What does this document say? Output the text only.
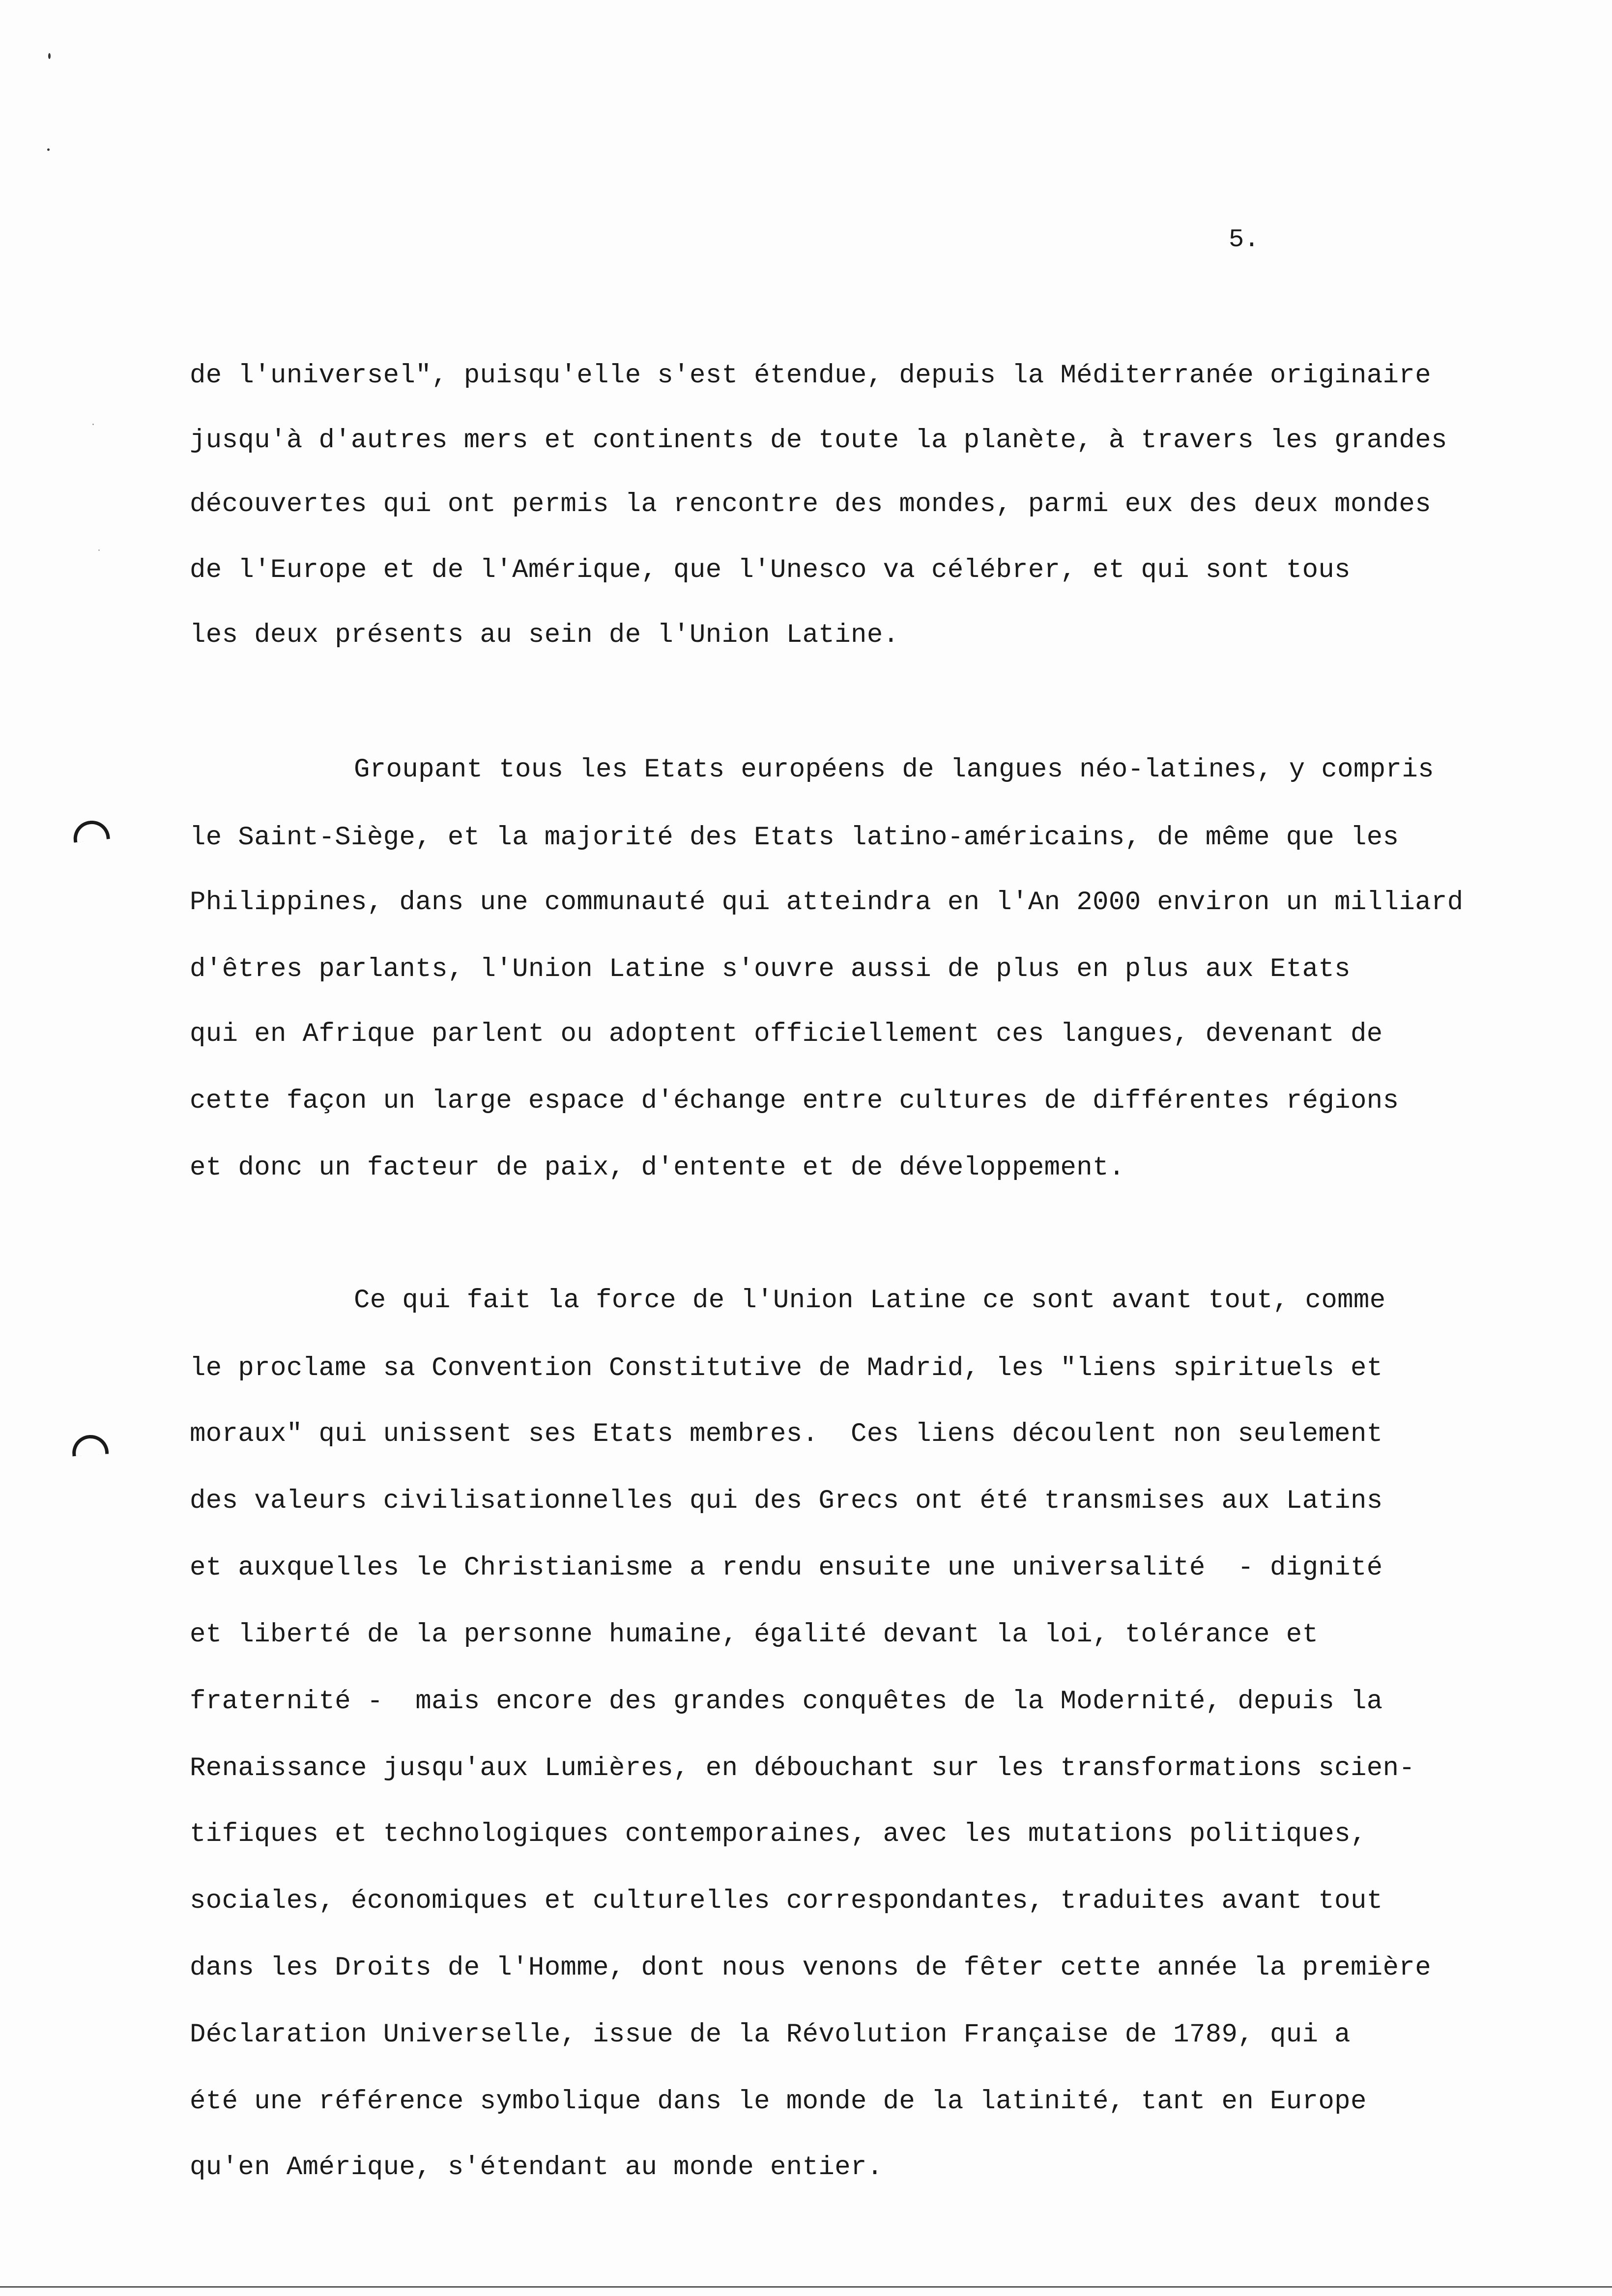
5.
de l'universel", puisqu'elle s'est étendue, depuis la Méditerranée originaire
jusqu'à d'autres mers et continents de toute la planète, à travers les grandes
découvertes qui ont permis la rencontre des mondes, parmi eux des deux mondes
de l'Europe et de l'Amérique, que l'Unesco va célébrer, et qui sont tous
les deux présents au sein de l'Union Latine.
Groupant tous les Etats européens de langues néo-latines, y compris
le Saint-Siège, et la majorité des Etats latino-américains, de même que les
Philippines, dans une communauté qui atteindra en l'An 2000 environ un milliard
d'êtres parlants, l'Union Latine s'ouvre aussi de plus en plus aux Etats
qui en Afrique parlent ou adoptent officiellement ces langues, devenant de
cette façon un large espace d'échange entre cultures de différentes régions
et donc un facteur de paix, d'entente et de développement.
Ce qui fait la force de l'Union Latine ce sont avant tout, comme
le proclame sa Convention Constitutive de Madrid, les "liens spirituels et
moraux" qui unissent ses Etats membres.  Ces liens découlent non seulement
des valeurs civilisationnelles qui des Grecs ont été transmises aux Latins
et auxquelles le Christianisme a rendu ensuite une universalité  - dignité
et liberté de la personne humaine, égalité devant la loi, tolérance et
fraternité -  mais encore des grandes conquêtes de la Modernité, depuis la
Renaissance jusqu'aux Lumières, en débouchant sur les transformations scien-
tifiques et technologiques contemporaines, avec les mutations politiques,
sociales, économiques et culturelles correspondantes, traduites avant tout
dans les Droits de l'Homme, dont nous venons de fêter cette année la première
Déclaration Universelle, issue de la Révolution Française de 1789, qui a
été une référence symbolique dans le monde de la latinité, tant en Europe
qu'en Amérique, s'étendant au monde entier.
